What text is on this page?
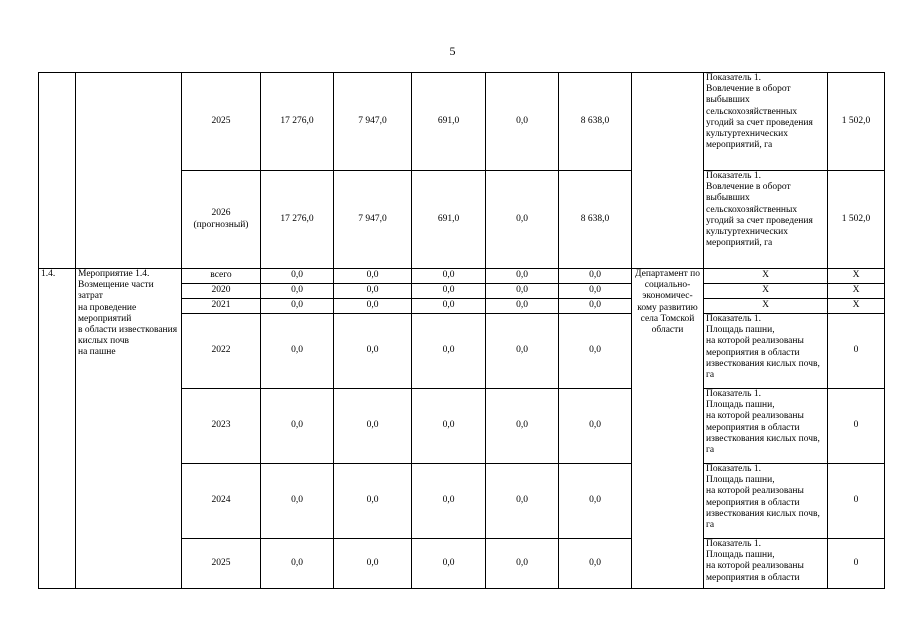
5
		2025	17 276,0	7 947,0	691,0	0,0	8 638,0		Показатель 1.
Вовлечение в оборот выбывших сельскохозяйственных угодий за счет проведения культуртехнических мероприятий, га	1 502,0
		2026
(прогнозный)	17 276,0	7 947,0	691,0	0,0	8 638,0		Показатель 1.
Вовлечение в оборот выбывших сельскохозяйственных угодий за счет проведения культуртехнических мероприятий, га	1 502,0
1.4.	Мероприятие 1.4.
Возмещение части затрат
на проведение мероприятий
в области известкования кислых почв
на пашне	всего	0,0	0,0	0,0	0,0	0,0	Департамент по социально-экономичес-кому развитию села Томской области	X	X
		2020	0,0	0,0	0,0	0,0	0,0		X	X
		2021	0,0	0,0	0,0	0,0	0,0		X	X
		2022	0,0	0,0	0,0	0,0	0,0		Показатель 1.
Площадь пашни,
на которой реализованы мероприятия в области известкования кислых почв, га	0
		2023	0,0	0,0	0,0	0,0	0,0		Показатель 1.
Площадь пашни,
на которой реализованы мероприятия в области известкования кислых почв, га	0
		2024	0,0	0,0	0,0	0,0	0,0		Показатель 1.
Площадь пашни,
на которой реализованы мероприятия в области известкования кислых почв, га	0
		2025	0,0	0,0	0,0	0,0	0,0		Показатель 1.
Площадь пашни,
на которой реализованы мероприятия в области	0
